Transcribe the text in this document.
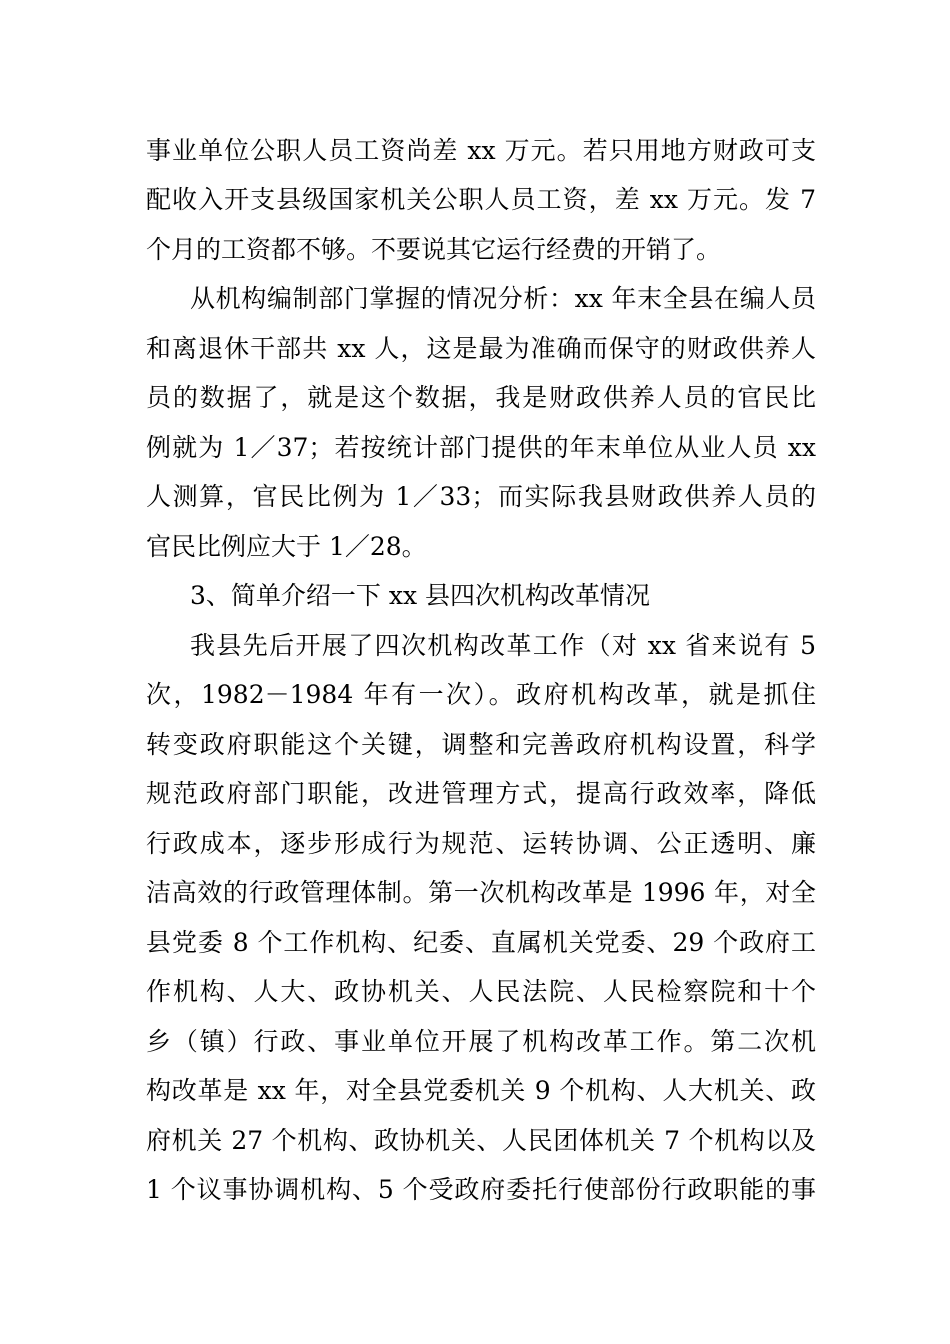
事业单位公职人员工资尚差 xx 万元。若只用地方财政可支
配收入开支县级国家机关公职人员工资，差 xx 万元。发 7
个月的工资都不够。不要说其它运行经费的开销了。
从机构编制部门掌握的情况分析：xx 年末全县在编人员
和离退休干部共 xx 人，这是最为准确而保守的财政供养人
员的数据了，就是这个数据，我是财政供养人员的官民比
例就为 1／37；若按统计部门提供的年末单位从业人员 xx
人测算，官民比例为 1／33；而实际我县财政供养人员的
官民比例应大于 1／28。
3、简单介绍一下 xx 县四次机构改革情况
我县先后开展了四次机构改革工作（对 xx 省来说有 5
次，1982－1984 年有一次）。政府机构改革，就是抓住
转变政府职能这个关键，调整和完善政府机构设置，科学
规范政府部门职能，改进管理方式，提高行政效率，降低
行政成本，逐步形成行为规范、运转协调、公正透明、廉
洁高效的行政管理体制。第一次机构改革是 1996 年，对全
县党委 8 个工作机构、纪委、直属机关党委、29 个政府工
作机构、人大、政协机关、人民法院、人民检察院和十个
乡（镇）行政、事业单位开展了机构改革工作。第二次机
构改革是 xx 年，对全县党委机关 9 个机构、人大机关、政
府机关 27 个机构、政协机关、人民团体机关 7 个机构以及
1 个议事协调机构、5 个受政府委托行使部份行政职能的事
